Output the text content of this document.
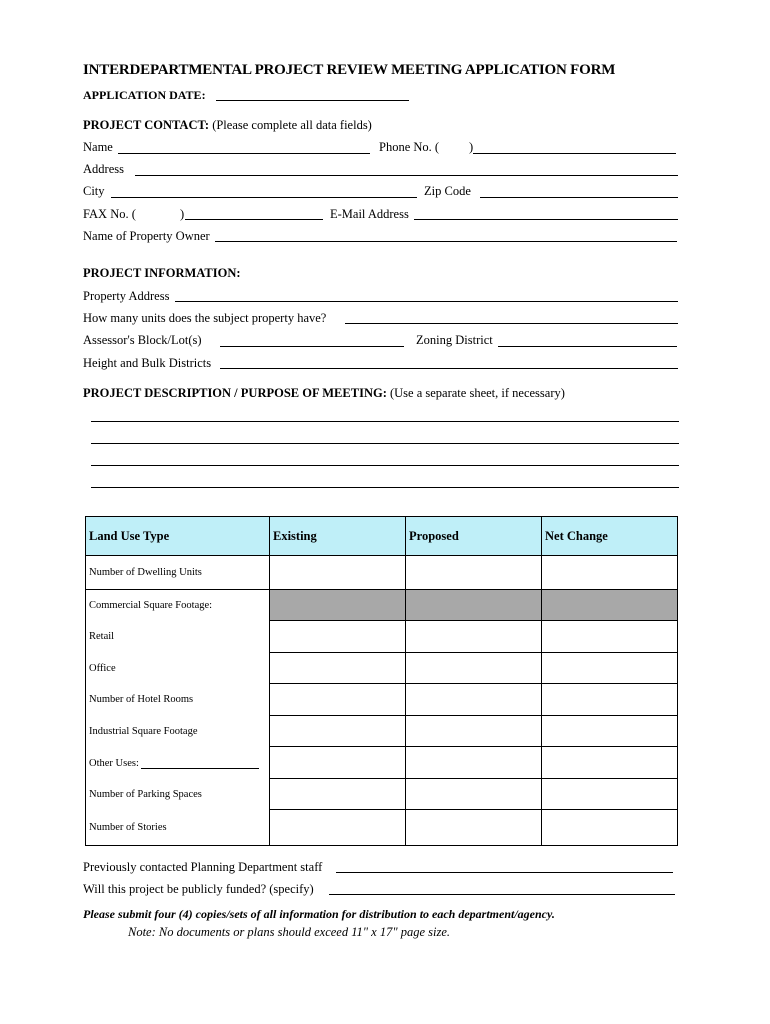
INTERDEPARTMENTAL PROJECT REVIEW MEETING APPLICATION FORM
APPLICATION DATE:
PROJECT CONTACT: (Please complete all data fields)
Name	Phone No. ( )
Address
City	Zip Code
FAX No. (	)	E-Mail Address
Name of Property Owner
PROJECT INFORMATION:
Property Address
How many units does the subject property have?
Assessor's Block/Lot(s)	Zoning District
Height and Bulk Districts
PROJECT DESCRIPTION / PURPOSE OF MEETING: (Use a separate sheet, if necessary)
Land Use Type	Existing	Proposed	Net Change
Number of Dwelling Units			
Commercial Square Footage:			
Retail			
Office			
Number of Hotel Rooms			
Industrial Square Footage			
Other Uses:			
Number of Parking Spaces			
Number of Stories			
Previously contacted Planning Department staff
Will this project be publicly funded? (specify)
Please submit four (4) copies/sets of all information for distribution to each department/agency.
Note: No documents or plans should exceed 11" x 17" page size.
